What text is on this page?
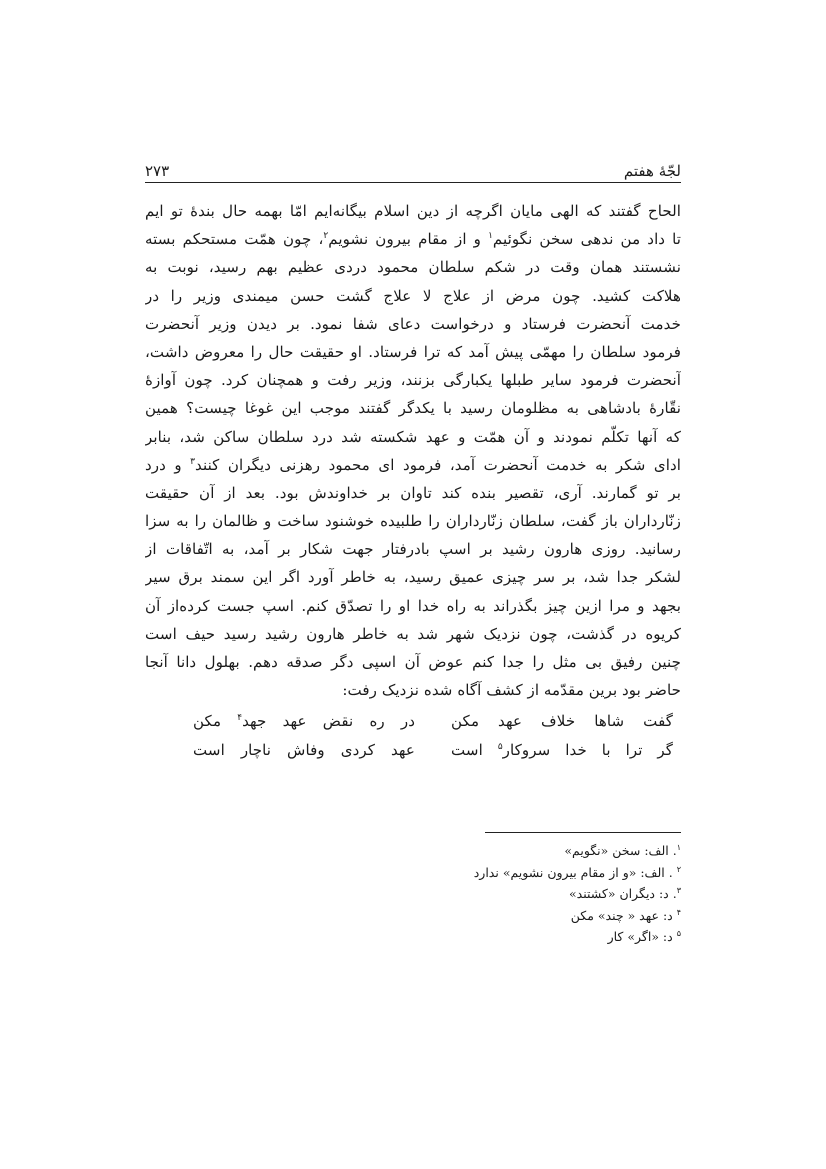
لجّهٔ هفتم
۲۷۳
الحاح گفتند که الهی مایان اگرچه از دین اسلام بیگانه‌ایم امّا بهمه حال بندهٔ تو ایم
تا داد من ندهی سخن نگوئیم$^۱$ و از مقام بیرون نشویم$^۲$، چون همّت مستحکم بسته
نشستند همان وقت در شکم سلطان محمود دردی عظیم بهم رسید، نوبت به
هلاکت کشید. چون مرض از علاج لا علاج گشت حسن میمندی وزیر را در
خدمت آنحضرت فرستاد و درخواست دعای شفا نمود. بر دیدن وزیر آنحضرت
فرمود سلطان را مهمّی پیش آمد که ترا فرستاد. او حقیقت حال را معروض داشت،
آنحضرت فرمود سایر طبلها یکبارگی بزنند، وزیر رفت و همچنان کرد. چون آوازهٔ
نقّارهٔ بادشاهی به مظلومان رسید با یکدگر گفتند موجب این غوغا چیست؟ همین
که آنها تکلّم نمودند و آن همّت و عهد شکسته شد درد سلطان ساکن شد، بنابر
ادای شکر به خدمت آنحضرت آمد، فرمود ای محمود رهزنی دیگران کنند$^۳$ و درد
بر تو گمارند. آری، تقصیر بنده کند تاوان بر خداوندش بود. بعد از آن حقیقت
زنّارداران باز گفت، سلطان زنّارداران را طلبیده خوشنود ساخت و ظالمان را به سزا
رسانید. روزی هارون رشید بر اسپ بادرفتار جهت شکار بر آمد، به اتّفاقات از
لشکر جدا شد، بر سر چیزی عمیق رسید، به خاطر آورد اگر این سمند برق سیر
بجهد و مرا ازین چیز بگذراند به راه خدا او را تصدّق کنم. اسپ جست کرده‌از آن
کریوه در گذشت، چون نزدیک شهر شد به خاطر هارون رشید رسید حیف است
چنین رفیق بی مثل را جدا کنم عوض آن اسپی دگر صدقه دهم. بهلول دانا آنجا
حاضر بود برین مقدّمه از کشف آگاه شده نزدیک رفت:
گفت شاها خلاف عهد مکن
در ره نقض عهد جهد$^۴$ مکن
گر ترا با خدا سروکار$^۵$ است
عهد کردی وفاش ناچار است
$^۱$. الف: سخن «نگویم»
$^۲$ . الف: «و از مقام بیرون نشویم» ندارد
$^۳$. د: دیگران «کشتند»
$^۴$ د: عهد « چند» مکن
$^۵$ د: «اگر» کار
